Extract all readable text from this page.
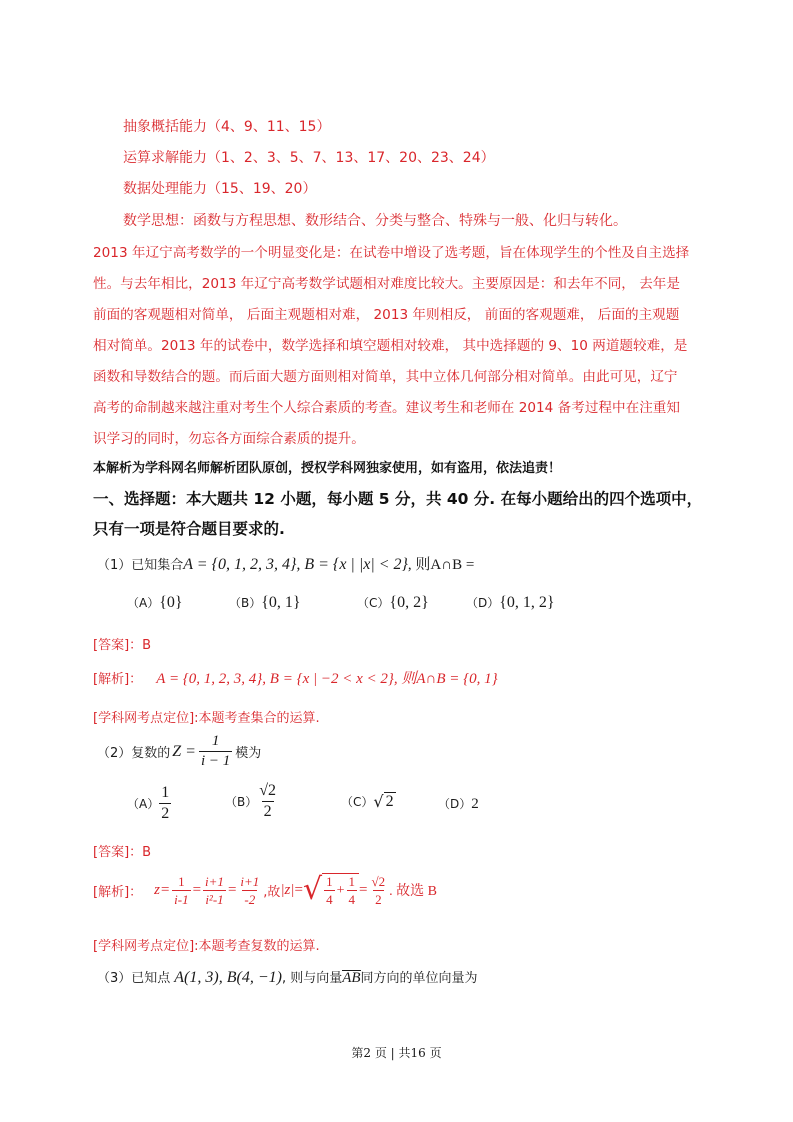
抽象概括能力（4、9、11、15）
运算求解能力（1、2、3、5、7、13、17、20、23、24）
数据处理能力（15、19、20）
数学思想：函数与方程思想、数形结合、分类与整合、特殊与一般、化归与转化。
2013 年辽宁高考数学的一个明显变化是：在试卷中增设了选考题，旨在体现学生的个性及自主选择
性。与去年相比，2013 年辽宁高考数学试题相对难度比较大。主要原因是：和去年不同， 去年是
前面的客观题相对简单， 后面主观题相对难， 2013 年则相反， 前面的客观题难， 后面的主观题
相对简单。2013 年的试卷中，数学选择和填空题相对较难， 其中选择题的 9、10 两道题较难，是
函数和导数结合的题。而后面大题方面则相对简单，其中立体几何部分相对简单。由此可见，辽宁
高考的命制越来越注重对考生个人综合素质的考查。建议考生和老师在 2014 备考过程中在注重知
识学习的同时，勿忘各方面综合素质的提升。
本解析为学科网名师解析团队原创，授权学科网独家使用，如有盗用，依法追责！
一、选择题：本大题共 12 小题，每小题 5 分，共 40 分. 在每小题给出的四个选项中，
只有一项是符合题目要求的.
（1）已知集合A = {0, 1, 2, 3, 4}, B = {x | |x| < 2}, 则A∩B =
（A）{0}	（B）{0, 1}	（C）{0, 2}	（D）{0, 1, 2}
[答案]：B
[解析]： A = {0, 1, 2, 3, 4}, B = {x | −2 < x < 2}, 则A∩B = {0, 1}
[学科网考点定位]:本题考查集合的运算.
（2）复数的 $Z = \frac{1}{i - 1}$ 模为
$(A) \frac{1}{2}$	$(B) \frac{√2}{2}$	（C） √ 2	（D）2
[答案]：B
[解析]： $z= \frac{1}{i-1} = \frac{i+1}{\text{i²-1}} = \frac{i+1}{-2}$ ,故 |z| = √ $\frac{1}{4} + \frac{1}{4} = \frac{√2}{2}$ . 故选 B
[学科网考点定位]:本题考查复数的运算.
（3）已知点 A(1, 3), B(4, −1) , 则与向量 AB 同方向的单位向量为
第2 页 | 共16 页
